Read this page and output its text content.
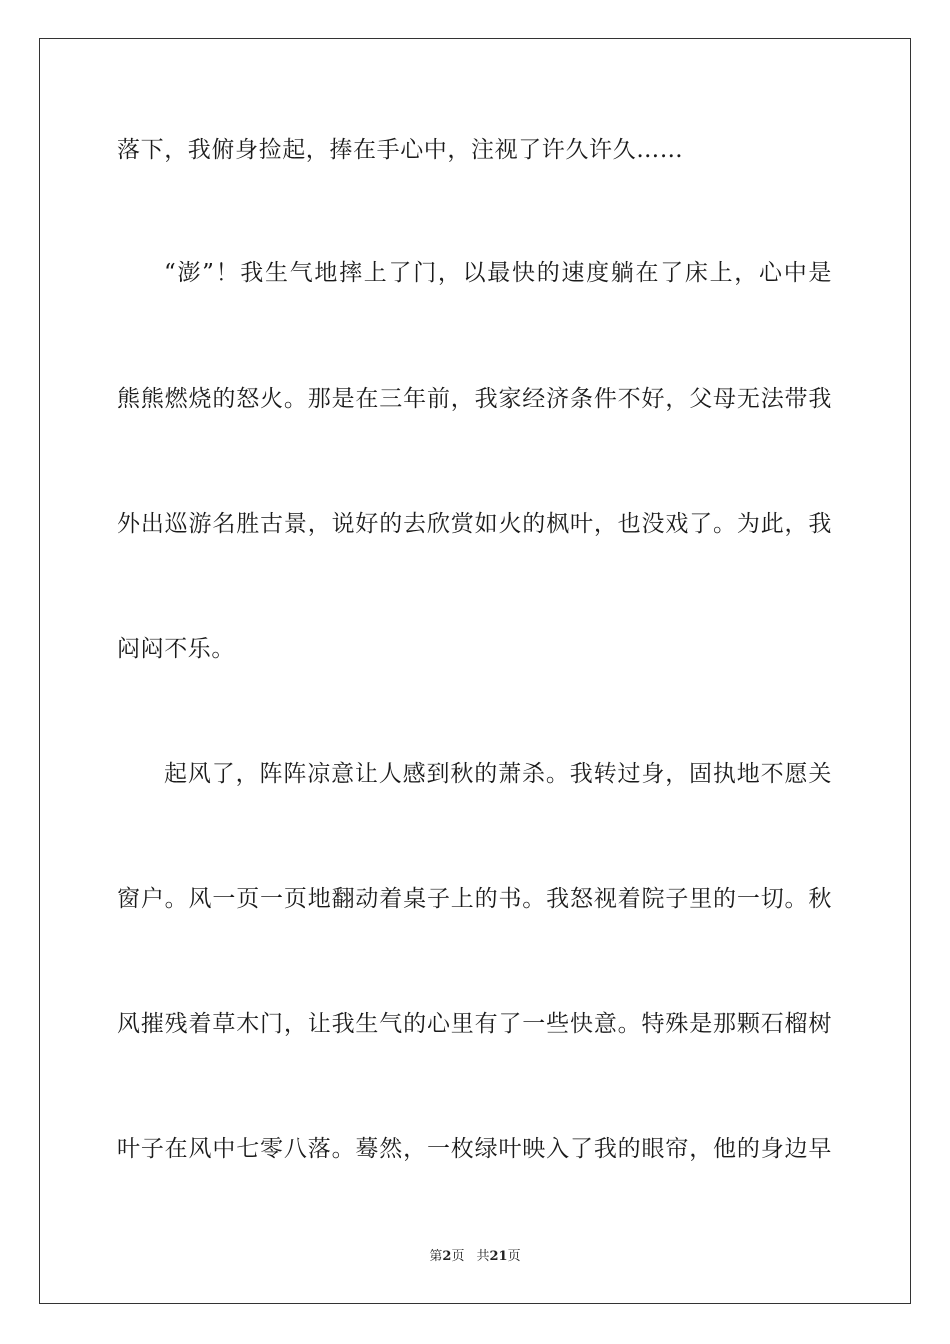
落下，我俯身捡起，捧在手心中，注视了许久许久……
“澎”！我生气地摔上了门，以最快的速度躺在了床上，心中是
熊熊燃烧的怒火。那是在三年前，我家经济条件不好，父母无法带我
外出巡游名胜古景，说好的去欣赏如火的枫叶，也没戏了。为此，我
闷闷不乐。
起风了，阵阵凉意让人感到秋的萧杀。我转过身，固执地不愿关
窗户。风一页一页地翻动着桌子上的书。我怒视着院子里的一切。秋
风摧残着草木门，让我生气的心里有了一些快意。特殊是那颗石榴树
叶子在风中七零八落。蓦然，一枚绿叶映入了我的眼帘，他的身边早
第2页 共21页
